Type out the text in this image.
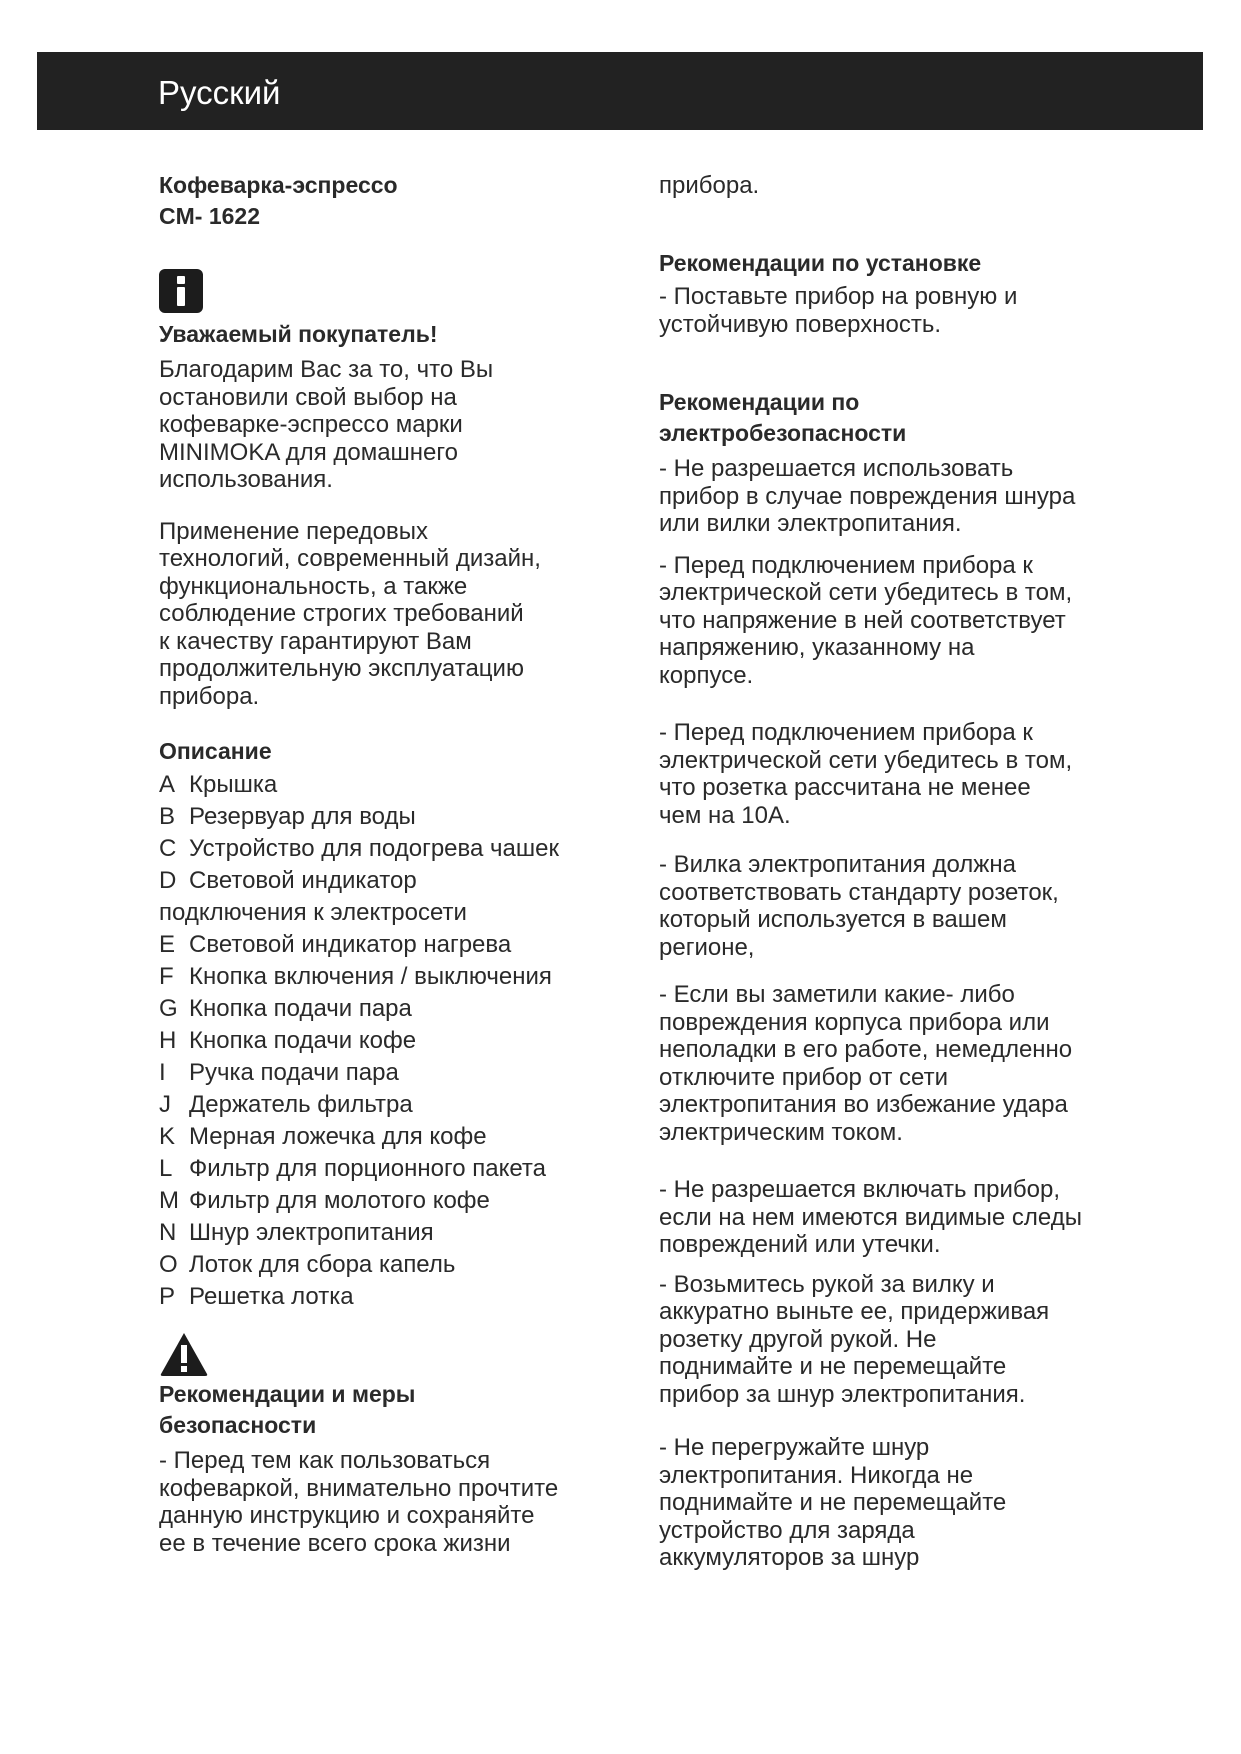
Русский
Кофеварка-эспрессо
CM- 1622
Уважаемый покупатель!
Благодарим Вас за то, что Вы
остановили свой выбор на
кофеварке-эспрессо марки
MINIMOKA для домашнего
использования.
Применение передовых
технологий, современный дизайн,
функциональность, а также
соблюдение строгих требований
к качеству гарантируют Вам
продолжительную эксплуатацию
прибора.
Описание
A Крышка
B Резервуар для воды
C Устройство для подогрева чашек
D Световой индикатор
подключения к электросети
E Световой индикатор нагрева
F Кнопка включения / выключения
G Кнопка подачи пара
H Кнопка подачи кофе
I Ручка подачи пара
J Держатель фильтра
K Мерная ложечка для кофе
L Фильтр для порционного пакета
M Фильтр для молотого кофе
N Шнур электропитания
O Лоток для сбора капель
P Решетка лотка
Рекомендации и меры
безопасности
- Перед тем как пользоваться
кофеваркой, внимательно прочтите
данную инструкцию и сохраняйте
ее в течение всего срока жизни
прибора.
Рекомендации по установке
- Поставьте прибор на ровную и
устойчивую поверхность.
Рекомендации по
электробезопасности
- Не разрешается использовать
прибор в случае повреждения шнура
или вилки электропитания.
- Перед подключением прибора к
электрической сети убедитесь в том,
что напряжение в ней соответствует
напряжению, указанному на
корпусе.
- Перед подключением прибора к
электрической сети убедитесь в том,
что розетка рассчитана не менее
чем на 10А.
- Вилка электропитания должна
соответствовать стандарту розеток,
который используется в вашем
регионе,
- Если вы заметили какие- либо
повреждения корпуса прибора или
неполадки в его работе, немедленно
отключите прибор от сети
электропитания во избежание удара
электрическим током.
- Не разрешается включать прибор,
если на нем имеются видимые следы
повреждений или утечки.
- Возьмитесь рукой за вилку и
аккуратно выньте ее, придерживая
розетку другой рукой. Не
поднимайте и не перемещайте
прибор за шнур электропитания.
- Не перегружайте шнур
электропитания. Никогда не
поднимайте и не перемещайте
устройство для заряда
аккумуляторов за шнур
